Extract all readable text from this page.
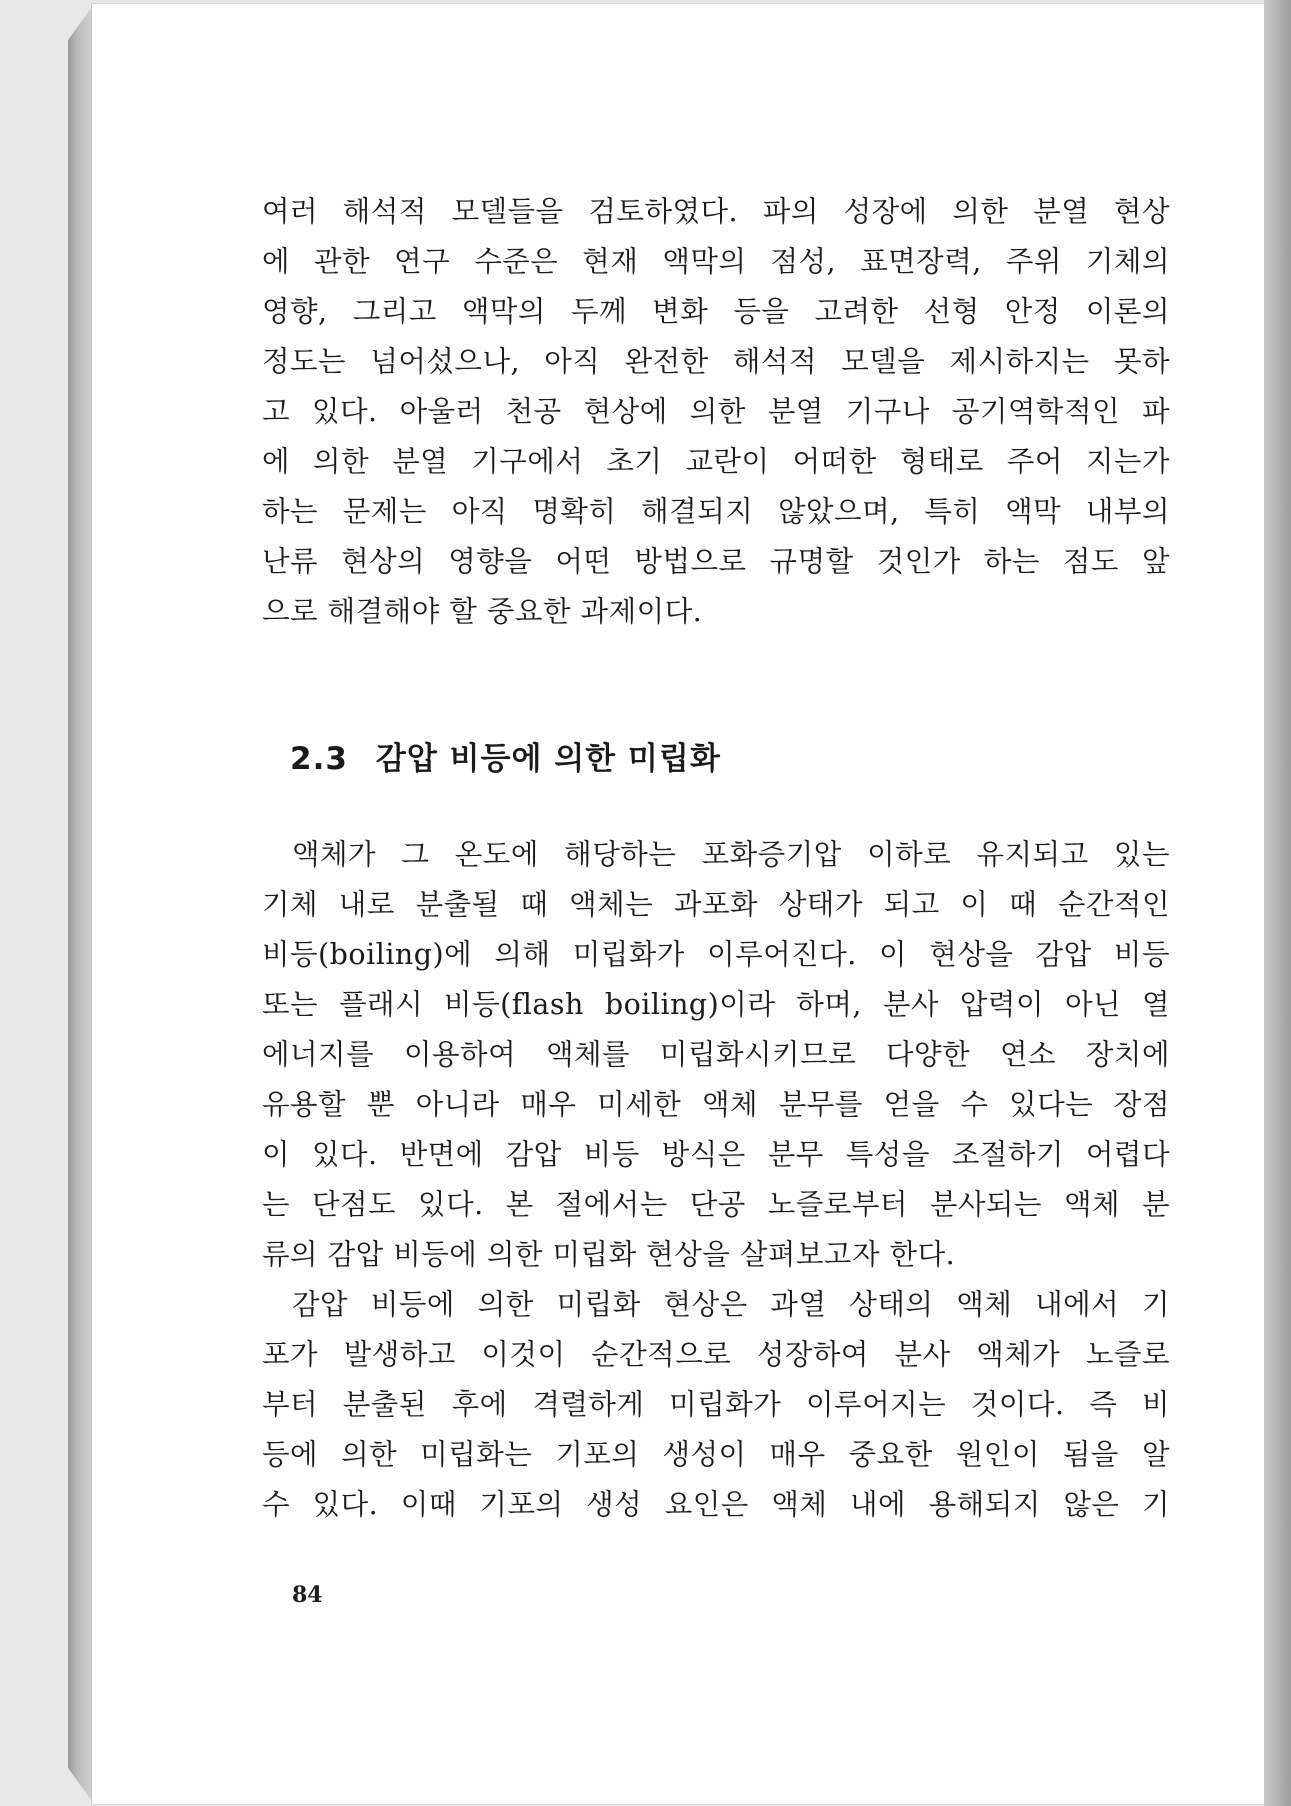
여러 해석적 모델들을 검토하였다. 파의 성장에 의한 분열 현상

에 관한 연구 수준은 현재 액막의 점성, 표면장력, 주위 기체의

영향, 그리고 액막의 두께 변화 등을 고려한 선형 안정 이론의

정도는 넘어섰으나, 아직 완전한 해석적 모델을 제시하지는 못하

고 있다. 아울러 천공 현상에 의한 분열 기구나 공기역학적인 파

에 의한 분열 기구에서 초기 교란이 어떠한 형태로 주어 지는가

하는 문제는 아직 명확히 해결되지 않았으며, 특히 액막 내부의

난류 현상의 영향을 어떤 방법으로 규명할 것인가 하는 점도 앞

으로 해결해야 할 중요한 과제이다.

2.3 감압 비등에 의한 미립화

액체가 그 온도에 해당하는 포화증기압 이하로 유지되고 있는

기체 내로 분출될 때 액체는 과포화 상태가 되고 이 때 순간적인

비등(boiling)에 의해 미립화가 이루어진다. 이 현상을 감압 비등

또는 플래시 비등(flash boiling)이라 하며, 분사 압력이 아닌 열

에너지를 이용하여 액체를 미립화시키므로 다양한 연소 장치에

유용할 뿐 아니라 매우 미세한 액체 분무를 얻을 수 있다는 장점

이 있다. 반면에 감압 비등 방식은 분무 특성을 조절하기 어렵다

는 단점도 있다. 본 절에서는 단공 노즐로부터 분사되는 액체 분

류의 감압 비등에 의한 미립화 현상을 살펴보고자 한다.

감압 비등에 의한 미립화 현상은 과열 상태의 액체 내에서 기

포가 발생하고 이것이 순간적으로 성장하여 분사 액체가 노즐로

부터 분출된 후에 격렬하게 미립화가 이루어지는 것이다. 즉 비

등에 의한 미립화는 기포의 생성이 매우 중요한 원인이 됨을 알

수 있다. 이때 기포의 생성 요인은 액체 내에 용해되지 않은 기

84
